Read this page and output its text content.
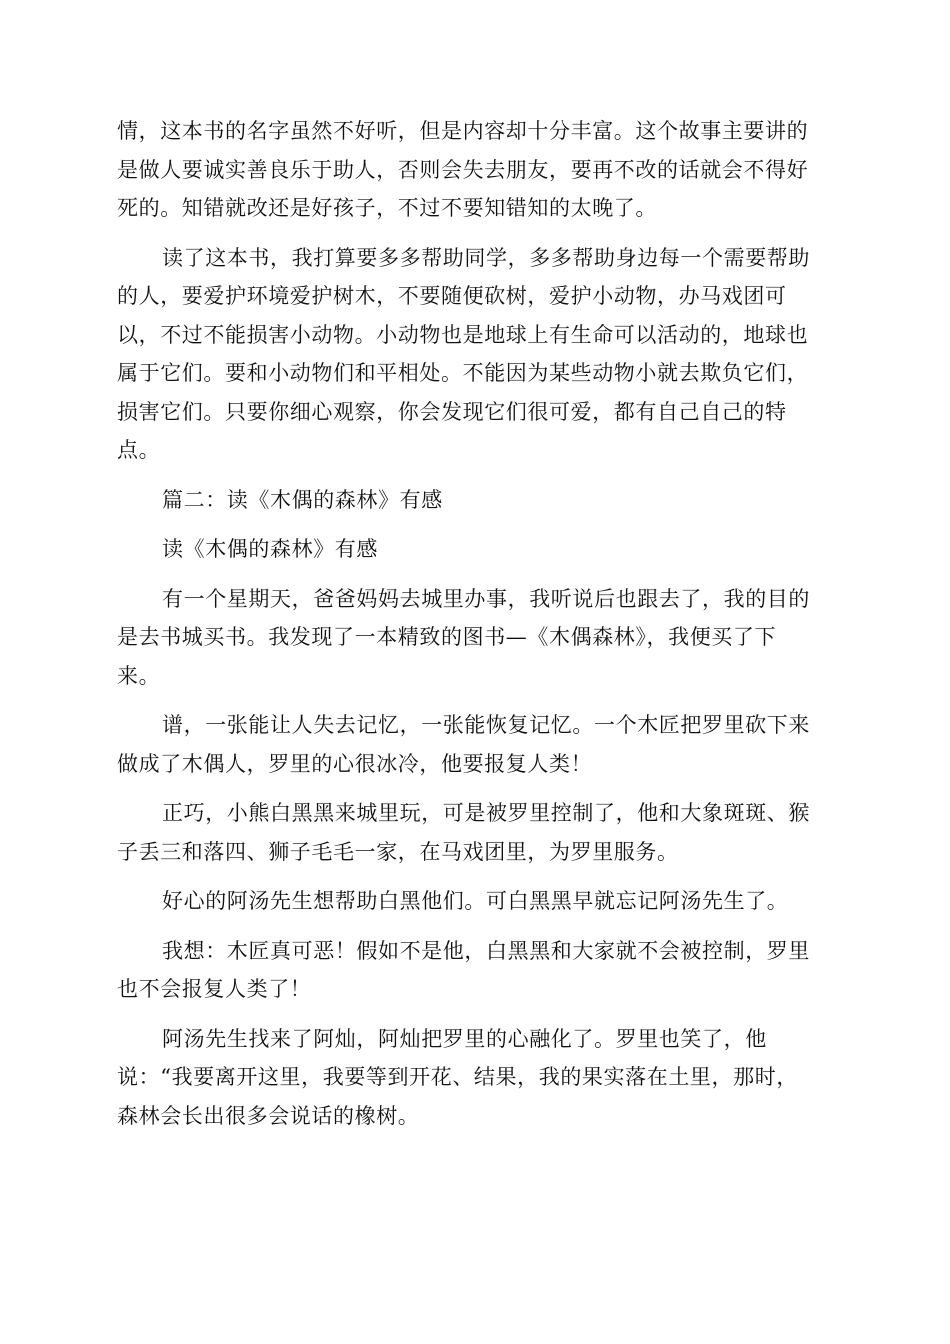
情，这本书的名字虽然不好听，但是内容却十分丰富。这个故事主要讲的
是做人要诚实善良乐于助人，否则会失去朋友，要再不改的话就会不得好
死的。知错就改还是好孩子，不过不要知错知的太晚了。

读了这本书，我打算要多多帮助同学，多多帮助身边每一个需要帮助
的人，要爱护环境爱护树木，不要随便砍树，爱护小动物，办马戏团可
以，不过不能损害小动物。小动物也是地球上有生命可以活动的，地球也
属于它们。要和小动物们和平相处。不能因为某些动物小就去欺负它们，
损害它们。只要你细心观察，你会发现它们很可爱，都有自己自己的特
点。

篇二：读《木偶的森林》有感

读《木偶的森林》有感

有一个星期天，爸爸妈妈去城里办事，我听说后也跟去了，我的目的
是去书城买书。我发现了一本精致的图书—《木偶森林》，我便买了下
来。

谱，一张能让人失去记忆，一张能恢复记忆。一个木匠把罗里砍下来
做成了木偶人，罗里的心很冰冷，他要报复人类！

正巧，小熊白黑黑来城里玩，可是被罗里控制了，他和大象斑斑、猴
子丢三和落四、狮子毛毛一家，在马戏团里，为罗里服务。

好心的阿汤先生想帮助白黑他们。可白黑黑早就忘记阿汤先生了。

我想：木匠真可恶！假如不是他，白黑黑和大家就不会被控制，罗里
也不会报复人类了！

阿汤先生找来了阿灿，阿灿把罗里的心融化了。罗里也笑了，他
说：“我要离开这里，我要等到开花、结果，我的果实落在土里，那时，
森林会长出很多会说话的橡树。
